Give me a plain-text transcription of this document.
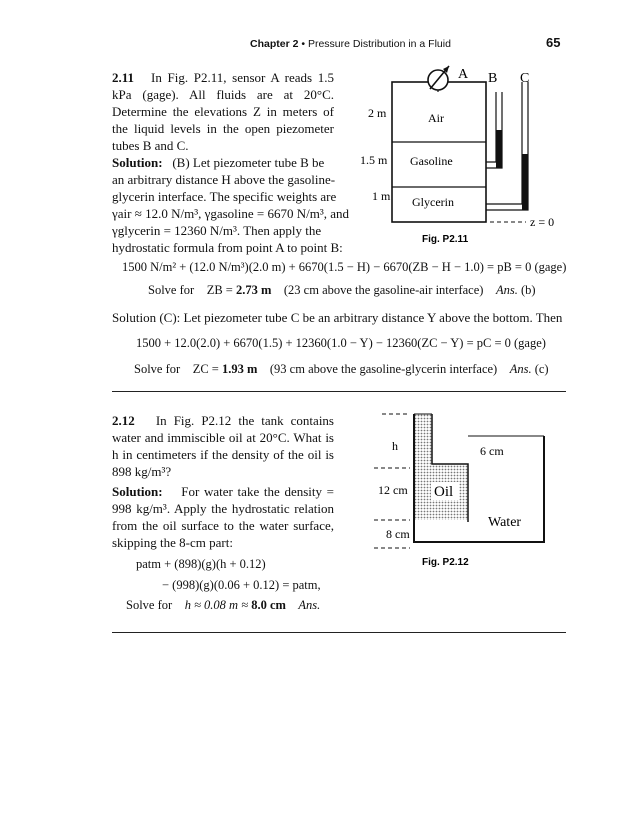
Chapter 2 • Pressure Distribution in a Fluid	65
2.11 In Fig. P2.11, sensor A reads 1.5 kPa (gage). All fluids are at 20°C. Determine the elevations Z in meters of the liquid levels in the open piezometer tubes B and C.
Solution: (B) Let piezometer tube B be
an arbitrary distance H above the gasoline-
glycerin interface. The specific weights are
γair ≈ 12.0 N/m³, γgasoline = 6670 N/m³, and
γglycerin = 12360 N/m³. Then apply the
hydrostatic formula from point A to point B:
z = 0
A B C
2 m
1.5 m
1 m
Air
Gasoline
Glycerin
Fig. P2.11
1500 N/m² + (12.0 N/m³)(2.0 m) + 6670(1.5 − H) − 6670(ZB − H − 1.0) = pB = 0 (gage)
Solve for ZB = 2.73 m (23 cm above the gasoline-air interface) Ans. (b)
Solution (C): Let piezometer tube C be an arbitrary distance Y above the bottom. Then
1500 + 12.0(2.0) + 6670(1.5) + 12360(1.0 − Y) − 12360(ZC − Y) = pC = 0 (gage)
Solve for ZC = 1.93 m (93 cm above the gasoline-glycerin interface) Ans. (c)
2.12 In Fig. P2.12 the tank contains water and immiscible oil at 20°C. What is h in centimeters if the density of the oil is 898 kg/m³?
Solution: For water take the density = 998 kg/m³. Apply the hydrostatic relation from the oil surface to the water surface, skipping the 8-cm part:
patm + (898)(g)(h + 0.12)
− (998)(g)(0.06 + 0.12) = patm,
Solve for h ≈ 0.08 m ≈ 8.0 cm Ans.
h	6 cm
12 cm
8 cm
Oil
Water
Fig. P2.12
